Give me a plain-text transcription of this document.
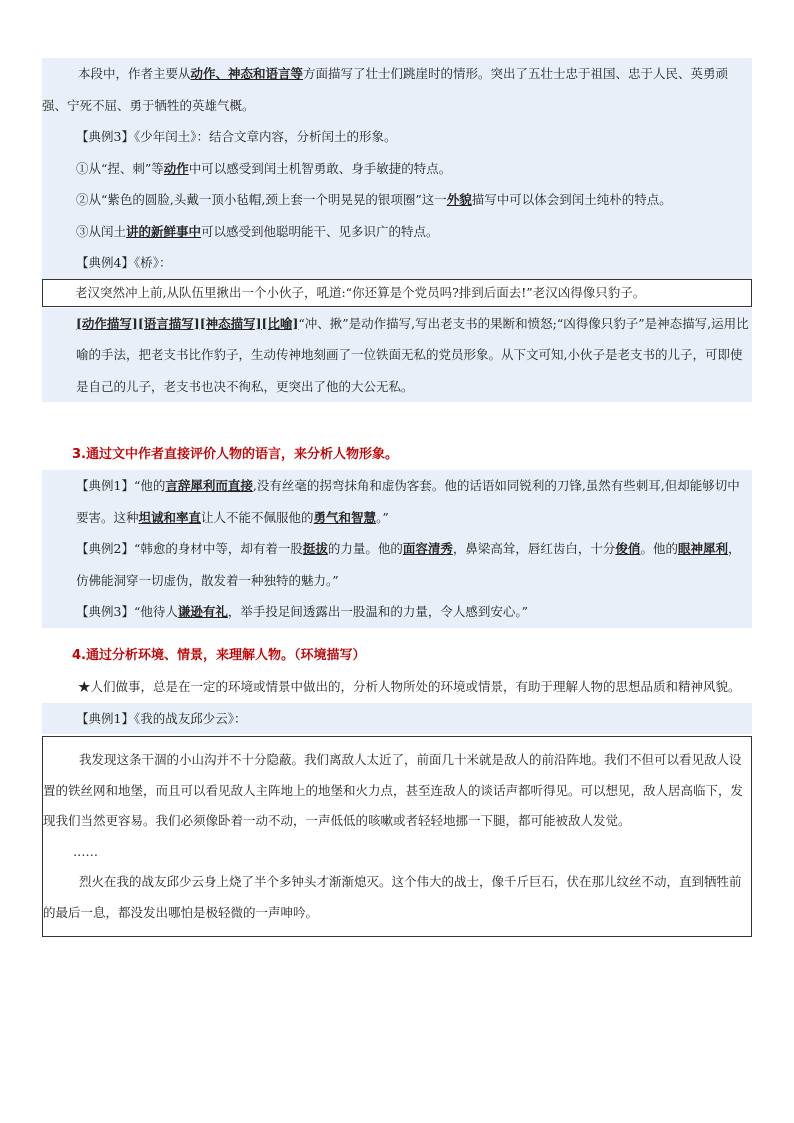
本段中，作者主要从动作、神态和语言等方面描写了壮士们跳崖时的情形。突出了五壮士忠于祖国、忠于人民、英勇顽强、宁死不屈、勇于牺牲的英雄气概。

【典例3】《少年闰土》：结合文章内容，分析闰土的形象。

①从“捏、刺”等动作中可以感受到闰土机智勇敢、身手敏捷的特点。

②从“紫色的圆脸,头戴一顶小毡帽,颈上套一个明晃晃的银项圈”这一外貌描写中可以体会到闰土纯朴的特点。

③从闰土讲的新鲜事中可以感受到他聪明能干、见多识广的特点。

【典例4】《桥》：

老汉突然冲上前,从队伍里揪出一个小伙子，吼道:“你还算是个党员吗?排到后面去!”老汉凶得像只豹子。

[动作描写][语言描写][神态描写][比喻]“冲、揪”是动作描写,写出老支书的果断和愤怒;“凶得像只豹子”是神态描写,运用比喻的手法，把老支书比作豹子，生动传神地刻画了一位铁面无私的党员形象。从下文可知,小伙子是老支书的儿子，可即使是自己的儿子，老支书也决不徇私，更突出了他的大公无私。

3.通过文中作者直接评价人物的语言，来分析人物形象。

【典例1】“他的言辞犀利而直接,没有丝毫的拐弯抹角和虚伪客套。他的话语如同锐利的刀锋,虽然有些刺耳,但却能够切中要害。这种坦诚和率直让人不能不佩服他的勇气和智慧。”

【典例2】“韩愈的身材中等，却有着一股挺拔的力量。他的面容清秀，鼻梁高耸，唇红齿白，十分俊俏。他的眼神犀利，仿佛能洞穿一切虚伪，散发着一种独特的魅力。”

【典例3】“他待人谦逊有礼，举手投足间透露出一股温和的力量，令人感到安心。”

4.通过分析环境、情景，来理解人物。（环境描写）

★人们做事，总是在一定的环境或情景中做出的，分析人物所处的环境或情景，有助于理解人物的思想品质和精神风貌。

【典例1】《我的战友邱少云》：

我发现这条干涸的小山沟并不十分隐蔽。我们离敌人太近了，前面几十米就是敌人的前沿阵地。我们不但可以看见敌人设置的铁丝网和地堡，而且可以看见敌人主阵地上的地堡和火力点，甚至连敌人的谈话声都听得见。可以想见，敌人居高临下，发现我们当然更容易。我们必须像卧着一动不动，一声低低的咳嗽或者轻轻地挪一下腿，都可能被敌人发觉。

……

烈火在我的战友邱少云身上烧了半个多钟头才渐渐熄灭。这个伟大的战士，像千斤巨石，伏在那儿纹丝不动，直到牺牲前的最后一息，都没发出哪怕是极轻微的一声呻吟。
